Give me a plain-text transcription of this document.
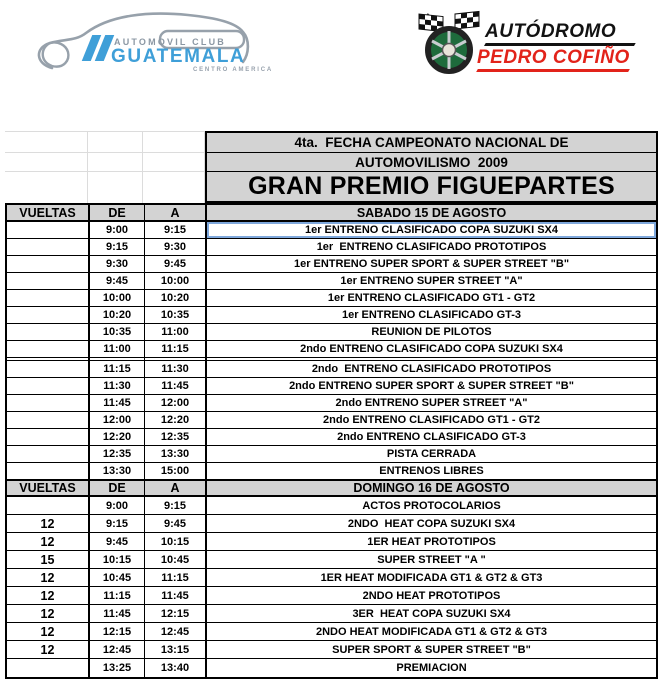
AUTOMOVIL CLUB
GUATEMALA
CENTRO AMERICA
AUTÓDROMO
PEDRO COFIÑO
4ta.  FECHA CAMPEONATO NACIONAL DE
AUTOMOVILISMO  2009
GRAN PREMIO FIGUEPARTES
VUELTAS	DE	A	SABADO 15 DE AGOSTO
9:00	9:15	1er ENTRENO CLASIFICADO COPA SUZUKI SX4
9:15	9:30	1er  ENTRENO CLASIFICADO PROTOTIPOS
9:30	9:45	1er ENTRENO SUPER SPORT & SUPER STREET "B"
9:45	10:00	1er ENTRENO SUPER STREET "A"
10:00	10:20	1er ENTRENO CLASIFICADO GT1 - GT2
10:20	10:35	1er ENTRENO CLASIFICADO GT-3
10:35	11:00	REUNION DE PILOTOS
11:00	11:15	2ndo ENTRENO CLASIFICADO COPA SUZUKI SX4
11:15	11:30	2ndo  ENTRENO CLASIFICADO PROTOTIPOS
11:30	11:45	2ndo ENTRENO SUPER SPORT & SUPER STREET "B"
11:45	12:00	2ndo ENTRENO SUPER STREET "A"
12:00	12:20	2ndo ENTRENO CLASIFICADO GT1 - GT2
12:20	12:35	2ndo ENTRENO CLASIFICADO GT-3
12:35	13:30	PISTA CERRADA
13:30	15:00	ENTRENOS LIBRES
VUELTAS	DE	A	DOMINGO 16 DE AGOSTO
9:00	9:15	ACTOS PROTOCOLARIOS
12	9:15	9:45	2NDO  HEAT COPA SUZUKI SX4
12	9:45	10:15	1ER HEAT PROTOTIPOS
15	10:15	10:45	SUPER STREET "A "
12	10:45	11:15	1ER HEAT MODIFICADA GT1 & GT2 & GT3
12	11:15	11:45	2NDO HEAT PROTOTIPOS
12	11:45	12:15	3ER  HEAT COPA SUZUKI SX4
12	12:15	12:45	2NDO HEAT MODIFICADA GT1 & GT2 & GT3
12	12:45	13:15	SUPER SPORT & SUPER STREET "B"
13:25	13:40	PREMIACION
